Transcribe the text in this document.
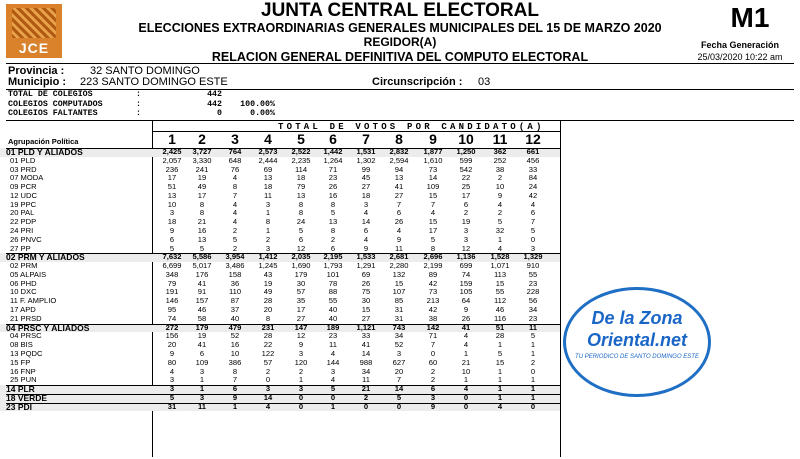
JCE
JUNTA CENTRAL ELECTORAL
ELECCIONES EXTRAORDINARIAS GENERALES MUNICIPALES DEL 15 DE MARZO 2020
REGIDOR(A)
RELACION GENERAL DEFINITIVA DEL COMPUTO ELECTORAL
M1
Fecha Generación
25/03/2020 10:22 am
Provincia : 32 SANTO DOMINGO
Municipio : 223 SANTO DOMINGO ESTE	Circunscripción : 03
TOTAL DE COLEGIOS	:	442
COLEGIOS COMPUTADOS	:	442	100.00%
COLEGIOS FALTANTES	:	0	0.00%
TOTAL DE VOTOS POR CANDIDATO(A)
Agrupación Política	1	2	3	4	5	6	7	8	9	10	11	12
01 PLD Y ALIADOS	2,425	3,727	764	2,573	2,522	1,442	1,531	2,832	1,877	1,250	362	661
01 PLD	2,057	3,330	648	2,444	2,235	1,264	1,302	2,594	1,610	599	252	456
03 PRD	236	241	76	69	114	71	99	94	73	542	38	33
07 MODA	17	19	4	13	18	23	45	13	14	22	2	84
09 PCR	51	49	8	18	79	26	27	41	109	25	10	24
12 UDC	13	17	7	11	13	16	18	27	15	17	9	42
19 PPC	10	8	4	3	8	8	3	7	7	6	4	4
20 PAL	3	8	4	1	8	5	4	6	4	2	2	6
22 PDP	18	21	4	8	24	13	14	26	15	19	5	7
24 PRI	9	16	2	1	5	8	6	4	17	3	32	5
26 PNVC	6	13	5	2	6	2	4	9	5	3	1	0
27 PP	5	5	2	3	12	6	9	11	8	12	4	3
02 PRM Y ALIADOS	7,632	5,586	3,954	1,412	2,035	2,195	1,533	2,681	2,696	1,136	1,528	1,329
02 PRM	6,699	5,017	3,486	1,245	1,690	1,793	1,291	2,280	2,199	699	1,071	910
05 ALPAIS	348	176	158	43	179	101	69	132	89	74	113	55
06 PHD	79	41	36	19	30	78	26	15	42	159	15	23
10 DXC	191	91	110	49	57	88	75	107	73	105	55	228
11 F. AMPLIO	146	157	87	28	35	55	30	85	213	64	112	56
17 APD	95	46	37	20	17	40	15	31	42	9	46	34
21 PRSD	74	58	40	8	27	40	27	31	38	26	116	23
04 PRSC Y ALIADOS	272	179	479	231	147	189	1,121	743	142	41	51	11
04 PRSC	156	19	52	28	12	23	33	34	71	4	28	5
08 BIS	20	41	16	22	9	11	41	52	7	4	1	1
13 PQDC	9	6	10	122	3	4	14	3	0	1	5	1
15 FP	80	109	386	57	120	144	988	627	60	21	15	2
16 FNP	4	3	8	2	2	3	34	20	2	10	1	0
25 PUN	3	1	7	0	1	4	11	7	2	1	1	1
14 PLR	3	1	6	3	3	5	21	14	6	4	1	1
18 VERDE	5	3	9	14	0	0	2	5	3	0	1	1
23 PDI	31	11	1	4	0	1	0	0	9	0	4	0
De la Zona
Oriental.net
TU PERIODICO DE SANTO DOMINGO ESTE
